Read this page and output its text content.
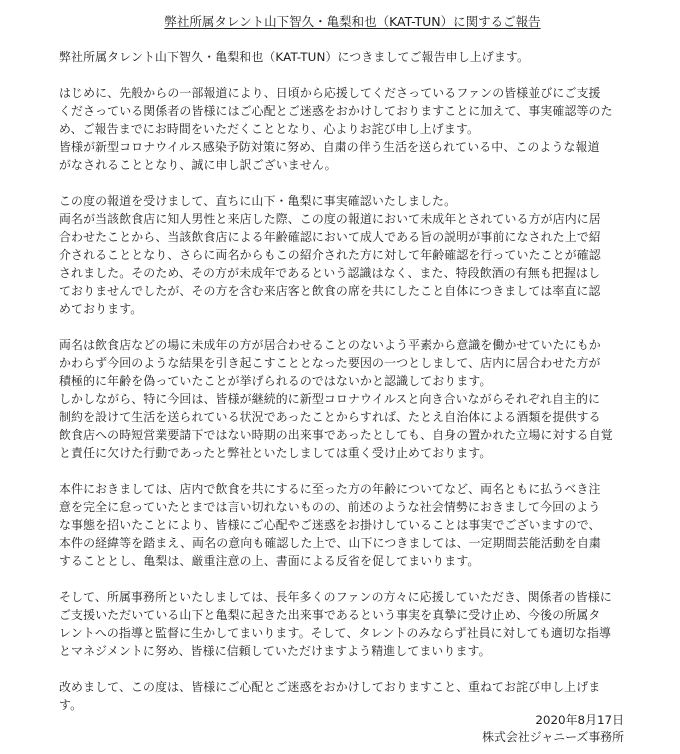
弊社所属タレント山下智久・亀梨和也（KAT-TUN）に関するご報告
弊社所属タレント山下智久・亀梨和也（KAT-TUN）につきましてご報告申し上げます。
はじめに、先般からの一部報道により、日頃から応援してくださっているファンの皆様並びにご支援
くださっている関係者の皆様にはご心配とご迷惑をおかけしておりますことに加えて、事実確認等のた
め、ご報告までにお時間をいただくこととなり、心よりお詫び申し上げます。
皆様が新型コロナウイルス感染予防対策に努め、自粛の伴う生活を送られている中、このような報道
がなされることとなり、誠に申し訳ございません。
この度の報道を受けまして、直ちに山下・亀梨に事実確認いたしました。
両名が当該飲食店に知人男性と来店した際、この度の報道において未成年とされている方が店内に居
合わせたことから、当該飲食店による年齢確認において成人である旨の説明が事前になされた上で紹
介されることとなり、さらに両名からもこの紹介された方に対して年齢確認を行っていたことが確認
されました。そのため、その方が未成年であるという認識はなく、また、特段飲酒の有無も把握はし
ておりませんでしたが、その方を含む来店客と飲食の席を共にしたこと自体につきましては率直に認
めております。
両名は飲食店などの場に未成年の方が居合わせることのないよう平素から意識を働かせていたにもか
かわらず今回のような結果を引き起こすこととなった要因の一つとしまして、店内に居合わせた方が
積極的に年齢を偽っていたことが挙げられるのではないかと認識しております。
しかしながら、特に今回は、皆様が継続的に新型コロナウイルスと向き合いながらそれぞれ自主的に
制約を設けて生活を送られている状況であったことからすれば、たとえ自治体による酒類を提供する
飲食店への時短営業要請下ではない時期の出来事であったとしても、自身の置かれた立場に対する自覚
と責任に欠けた行動であったと弊社といたしましては重く受け止めております。
本件におきましては、店内で飲食を共にするに至った方の年齢についてなど、両名ともに払うべき注
意を完全に怠っていたとまでは言い切れないものの、前述のような社会情勢におきまして今回のよう
な事態を招いたことにより、皆様にご心配やご迷惑をお掛けしていることは事実でございますので、
本件の経緯等を踏まえ、両名の意向も確認した上で、山下につきましては、一定期間芸能活動を自粛
することとし、亀梨は、厳重注意の上、書面による反省を促してまいります。
そして、所属事務所といたしましては、長年多くのファンの方々に応援していただき、関係者の皆様に
ご支援いただいている山下と亀梨に起きた出来事であるという事実を真摯に受け止め、今後の所属タ
レントへの指導と監督に生かしてまいります。そして、タレントのみならず社員に対しても適切な指導
とマネジメントに努め、皆様に信頼していただけますよう精進してまいります。
改めまして、この度は、皆様にご心配とご迷惑をおかけしておりますこと、重ねてお詫び申し上げま
す。
2020年8月17日
株式会社ジャニーズ事務所
